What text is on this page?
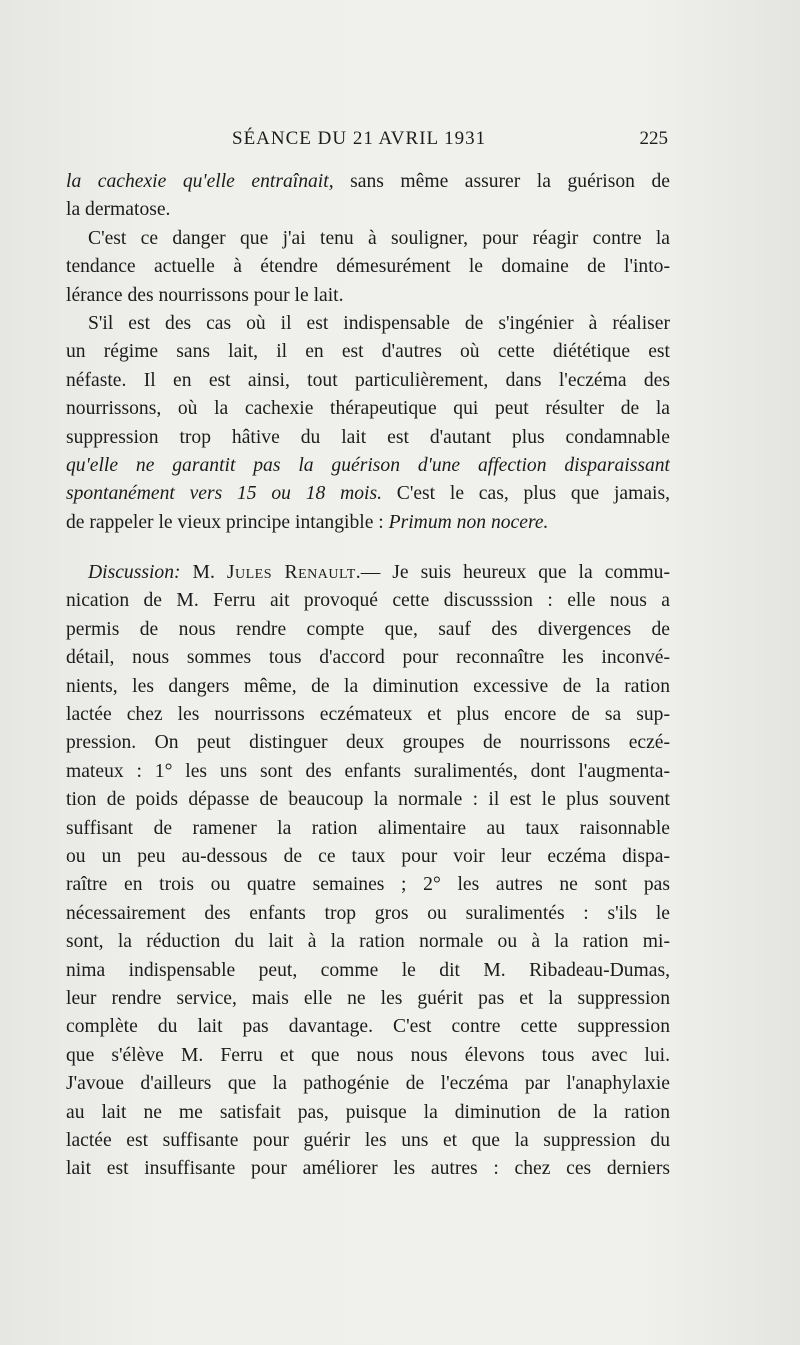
SÉANCE DU 21 AVRIL 1931	225

la cachexie qu'elle entraînait, sans même assurer la guérison de
la dermatose.

C'est ce danger que j'ai tenu à souligner, pour réagir contre la
tendance actuelle à étendre démesurément le domaine de l'into-
lérance des nourrissons pour le lait.

S'il est des cas où il est indispensable de s'ingénier à réaliser
un régime sans lait, il en est d'autres où cette diététique est
néfaste. Il en est ainsi, tout particulièrement, dans l'eczéma des
nourrissons, où la cachexie thérapeutique qui peut résulter de la
suppression trop hâtive du lait est d'autant plus condamnable
qu'elle ne garantit pas la guérison d'une affection disparaissant
spontanément vers 15 ou 18 mois. C'est le cas, plus que jamais,
de rappeler le vieux principe intangible : Primum non nocere.

Discussion: M. Jules Renault.— Je suis heureux que la commu-
nication de M. Ferru ait provoqué cette discusssion : elle nous a
permis de nous rendre compte que, sauf des divergences de
détail, nous sommes tous d'accord pour reconnaître les inconvé-
nients, les dangers même, de la diminution excessive de la ration
lactée chez les nourrissons eczémateux et plus encore de sa sup-
pression. On peut distinguer deux groupes de nourrissons eczé-
mateux : 1° les uns sont des enfants suralimentés, dont l'augmenta-
tion de poids dépasse de beaucoup la normale : il est le plus souvent
suffisant de ramener la ration alimentaire au taux raisonnable
ou un peu au-dessous de ce taux pour voir leur eczéma dispa-
raître en trois ou quatre semaines ; 2° les autres ne sont pas
nécessairement des enfants trop gros ou suralimentés : s'ils le
sont, la réduction du lait à la ration normale ou à la ration mi-
nima indispensable peut, comme le dit M. Ribadeau-Dumas,
leur rendre service, mais elle ne les guérit pas et la suppression
complète du lait pas davantage. C'est contre cette suppression
que s'élève M. Ferru et que nous nous élevons tous avec lui.
J'avoue d'ailleurs que la pathogénie de l'eczéma par l'anaphylaxie
au lait ne me satisfait pas, puisque la diminution de la ration
lactée est suffisante pour guérir les uns et que la suppression du
lait est insuffisante pour améliorer les autres : chez ces derniers
